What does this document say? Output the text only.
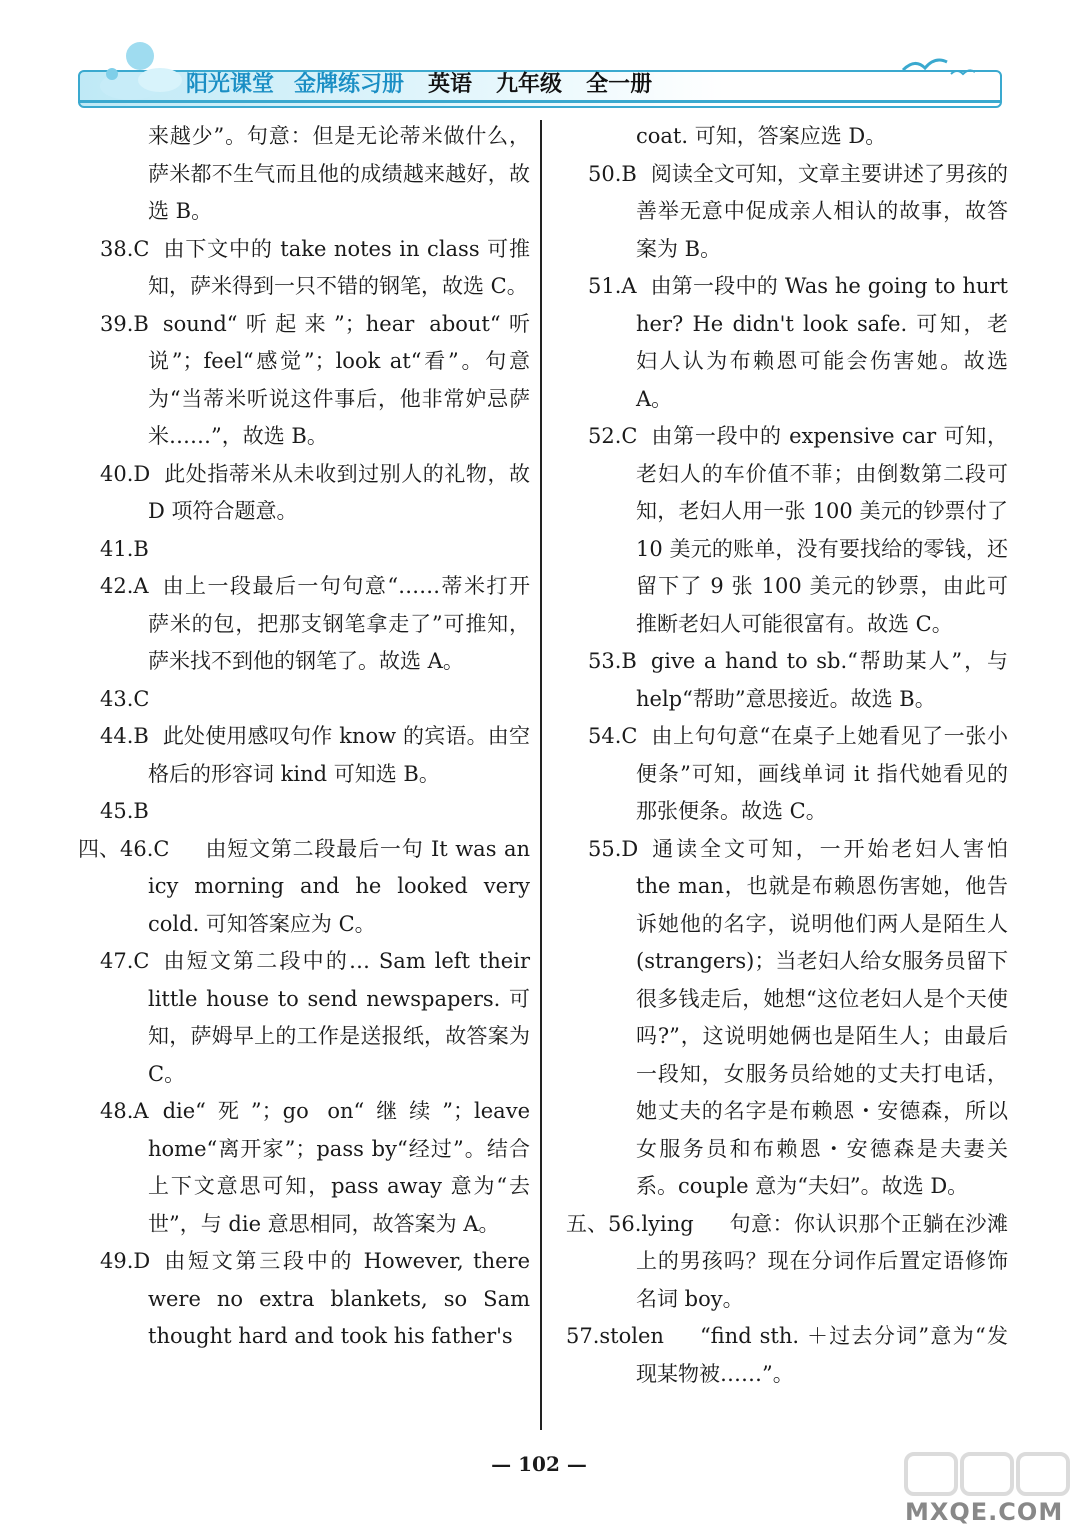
阳光课堂 金牌练习册 英语 九年级 全一册
来越少”。句意：但是无论蒂米做什么，萨米都不生气而且他的成绩越来越好，故选 B。
38.C 由下文中的 take notes in class 可推知，萨米得到一只不错的钢笔，故选 C。
39.B sound“听起来”；hear about“听说”；feel“感觉”；look at“看”。句意为“当蒂米听说这件事后，他非常妒忌萨米……”，故选 B。
40.D 此处指蒂米从未收到过别人的礼物，故 D 项符合题意。
41.B

42.A 由上一段最后一句句意“……蒂米打开萨米的包，把那支钢笔拿走了”可推知，萨米找不到他的钢笔了。故选 A。
43.C

44.B 此处使用感叹句作 know 的宾语。由空格后的形容词 kind 可知选 B。
45.B

四、46.C	由短文第二段最后一句 It was an icy morning and he looked very cold. 可知答案应为 C。
47.C 由短文第二段中的… Sam left their little house to send newspapers. 可知，萨姆早上的工作是送报纸，故答案为 C。
48.A die“死”；go on“继续”；leave home“离开家”；pass by“经过”。结合上下文意思可知，pass away 意为“去世”，与 die 意思相同，故答案为 A。
49.D 由短文第三段中的 However, there were no extra blankets, so Sam thought hard and took his father's
coat. 可知，答案应选 D。
50.B 阅读全文可知，文章主要讲述了男孩的善举无意中促成亲人相认的故事，故答案为 B。
51.A 由第一段中的 Was he going to hurt her? He didn't look safe. 可知，老妇人认为布赖恩可能会伤害她。故选 A。
52.C 由第一段中的 expensive car 可知，老妇人的车价值不菲；由倒数第二段可知，老妇人用一张 100 美元的钞票付了 10 美元的账单，没有要找给的零钱，还留下了 9 张 100 美元的钞票，由此可推断老妇人可能很富有。故选 C。
53.B give a hand to sb.“帮助某人”，与 help“帮助”意思接近。故选 B。
54.C 由上句句意“在桌子上她看见了一张小便条”可知，画线单词 it 指代她看见的那张便条。故选 C。
55.D 通读全文可知，一开始老妇人害怕 the man，也就是布赖恩伤害她，他告诉她他的名字，说明他们两人是陌生人(strangers)；当老妇人给女服务员留下很多钱走后，她想“这位老妇人是个天使吗?”，这说明她俩也是陌生人；由最后一段知，女服务员给她的丈夫打电话，她丈夫的名字是布赖恩・安德森，所以女服务员和布赖恩・安德森是夫妻关系。couple 意为“夫妇”。故选 D。
五、56.lying	句意：你认识那个正躺在沙滩上的男孩吗？现在分词作后置定语修饰名词 boy。
57.stolen	“find sth. ＋过去分词”意为“发现某物被……”。
— 102 —
MXQE.COM
